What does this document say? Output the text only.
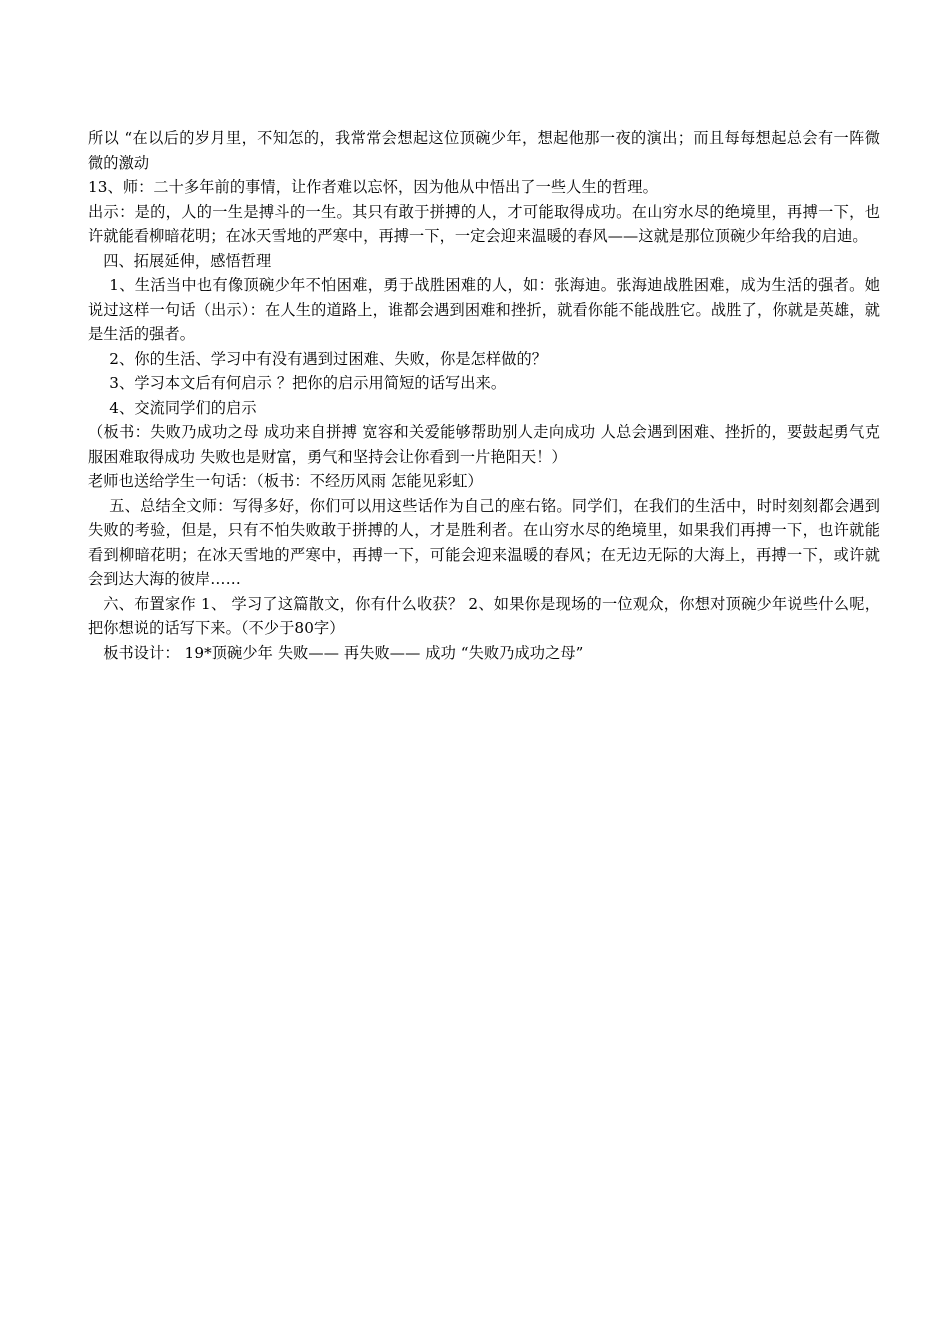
所以 “在以后的岁月里，不知怎的，我常常会想起这位顶碗少年，想起他那一夜的演出；而且每每想起总会有一阵微微的激动

13、师：二十多年前的事情，让作者难以忘怀，因为他从中悟出了一些人生的哲理。

出示：是的，人的一生是搏斗的一生。其只有敢于拼搏的人，才可能取得成功。在山穷水尽的绝境里，再搏一下，也许就能看柳暗花明；在冰天雪地的严寒中，再搏一下，一定会迎来温暖的春风——这就是那位顶碗少年给我的启迪。

四、拓展延伸，感悟哲理

1、生活当中也有像顶碗少年不怕困难，勇于战胜困难的人，如：张海迪。张海迪战胜困难，成为生活的强者。她说过这样一句话（出示）：在人生的道路上，谁都会遇到困难和挫折，就看你能不能战胜它。战胜了，你就是英雄，就是生活的强者。

2、你的生活、学习中有没有遇到过困难、失败，你是怎样做的？

3、学习本文后有何启示 ？把你的启示用简短的话写出来。

4、交流同学们的启示

（板书：失败乃成功之母 成功来自拼搏 宽容和关爱能够帮助别人走向成功 人总会遇到困难、挫折的，要鼓起勇气克服困难取得成功 失败也是财富，勇气和坚持会让你看到一片艳阳天！）

老师也送给学生一句话：（板书：不经历风雨 怎能见彩虹）

五、总结全文师：写得多好，你们可以用这些话作为自己的座右铭。同学们，在我们的生活中，时时刻刻都会遇到失败的考验，但是，只有不怕失败敢于拼搏的人，才是胜利者。在山穷水尽的绝境里，如果我们再搏一下，也许就能看到柳暗花明；在冰天雪地的严寒中，再搏一下，可能会迎来温暖的春风；在无边无际的大海上，再搏一下，或许就会到达大海的彼岸……

六、布置家作 1、 学习了这篇散文，你有什么收获？ 2、如果你是现场的一位观众，你想对顶碗少年说些什么呢，把你想说的话写下来。（不少于80字）

板书设计： 19*顶碗少年 失败—— 再失败—— 成功 “失败乃成功之母”
